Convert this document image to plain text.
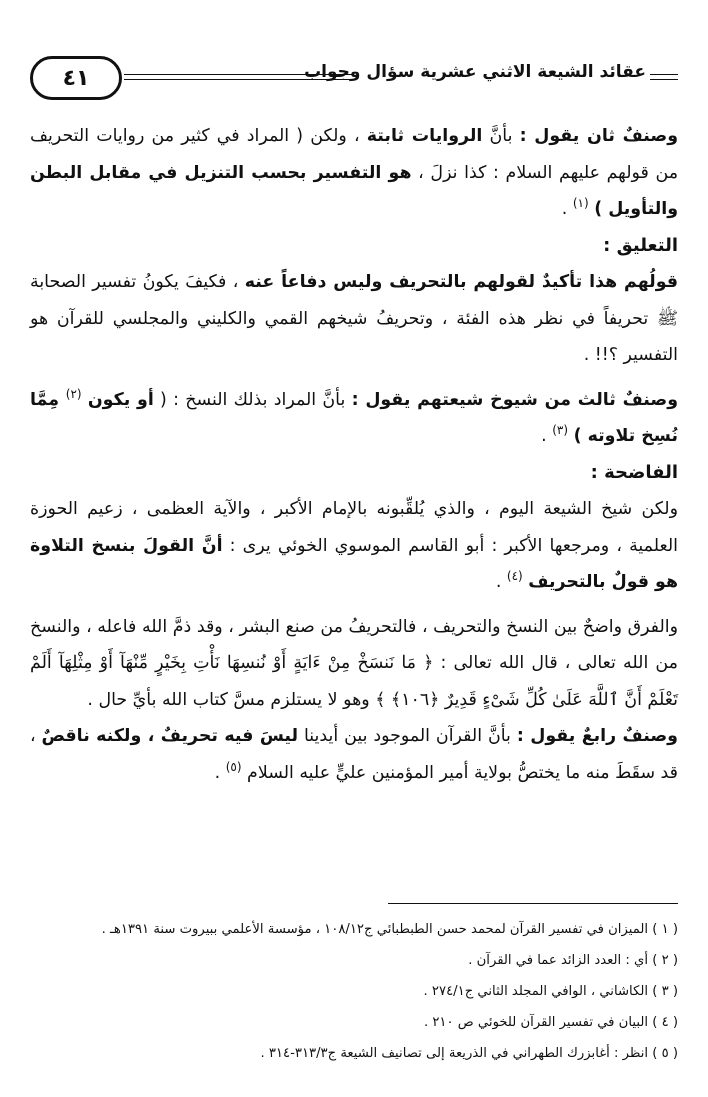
٤١	عقائد الشيعة الاثني عشرية سؤال وجواب

وصنفٌ ثان يقول : بأنَّ الروايات ثابتة ، ولكن ( المراد في كثير من روايات التحريف من قولهم عليهم السلام : كذا نزلَ ، هو التفسير بحسب التنزيل في مقابل البطن والتأويل ) $^{(١)}$ .

التعليق :

قولُهم هذا تأكيدٌ لقولهم بالتحريف وليس دفاعاً عنه ، فكيفَ يكونُ تفسير الصحابة ﷺ تحريفاً في نظر هذه الفئة ، وتحريفُ شيخهم القمي والكليني والمجلسي للقرآن هو التفسير ؟!! .

وصنفٌ ثالث من شيوخ شيعتهم يقول : بأنَّ المراد بذلك النسخ : ( أو يكون $^{(٢)}$ مِمَّا نُسِخ تلاوته ) $^{(٣)}$ .

الفاضحة :

ولكن شيخ الشيعة اليوم ، والذي يُلقِّبونه بالإمام الأكبر ، والآية العظمى ، زعيم الحوزة العلمية ، ومرجعها الأكبر : أبو القاسم الموسوي الخوئي يرى : أنَّ القولَ بنسخ التلاوة هو قولٌ بالتحريف $^{(٤)}$ .

والفرق واضحٌ بين النسخ والتحريف ، فالتحريفُ من صنع البشر ، وقد ذمَّ الله فاعله ، والنسخ من الله تعالى ، قال الله تعالى : ﴿ مَا نَنسَخْ مِنْ ءَايَةٍ أَوْ نُنسِهَا نَأْتِ بِخَيْرٍ مِّنْهَآ أَوْ مِثْلِهَآ أَلَمْ تَعْلَمْ أَنَّ ٱللَّهَ عَلَىٰ كُلِّ شَىْءٍ قَدِيرٌ ﴿١٠٦﴾ ﴾ وهو لا يستلزم مسَّ كتاب الله بأيِّ حال .

وصنفٌ رابعٌ يقول : بأنَّ القرآن الموجود بين أيدينا ليسَ فيه تحريفٌ ، ولكنه ناقصٌ ، قد سقَطَ منه ما يختصُّ بولاية أمير المؤمنين عليٍّ عليه السلام $^{(٥)}$ .

( ١ ) الميزان في تفسير القرآن لمحمد حسن الطبطبائي ج١٠٨/١٢ ، مؤسسة الأعلمي ببيروت سنة ١٣٩١هـ .

( ٢ ) أي : العدد الزائد عما في القرآن .

( ٣ ) الكاشاني ، الوافي المجلد الثاني ج٢٧٤/١ .

( ٤ ) البيان في تفسير القرآن للخوئي ص ٢١٠ .

( ٥ ) انظر : أغابزرك الطهراني في الذريعة إلى تصانيف الشيعة ج٣١٣/٣-٣١٤ .
